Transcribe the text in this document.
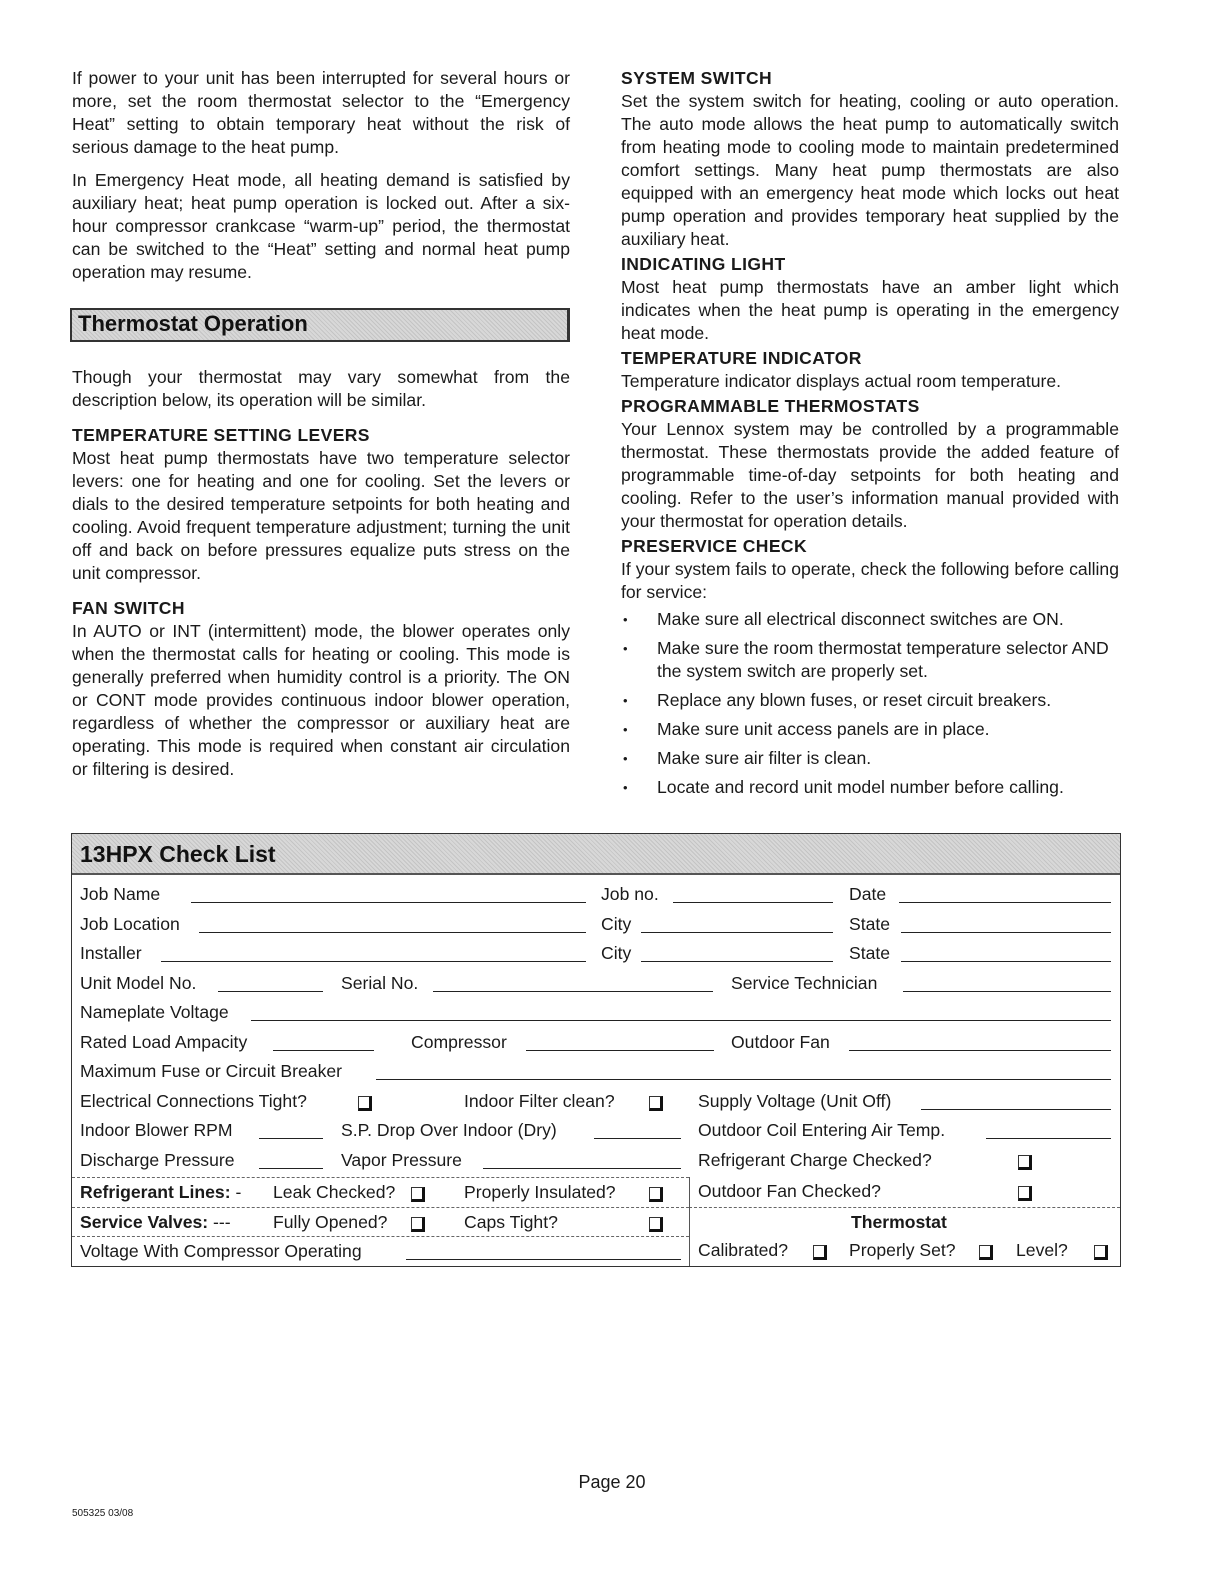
If power to your unit has been interrupted for several hours or more, set the room thermostat selector to the “Emergency Heat” setting to obtain temporary heat without the risk of serious damage to the heat pump.

In Emergency Heat mode, all heating demand is satisfied by auxiliary heat; heat pump operation is locked out. After a six-hour compressor crankcase “warm-up” period, the thermostat can be switched to the “Heat” setting and normal heat pump operation may resume.

Thermostat Operation

Though your thermostat may vary somewhat from the description below, its operation will be similar.

TEMPERATURE SETTING LEVERS

Most heat pump thermostats have two temperature selector levers: one for heating and one for cooling. Set the levers or dials to the desired temperature setpoints for both heating and cooling. Avoid frequent temperature adjustment; turning the unit off and back on before pressures equalize puts stress on the unit compressor.

FAN SWITCH

In AUTO or INT (intermittent) mode, the blower operates only when the thermostat calls for heating or cooling. This mode is generally preferred when humidity control is a priority. The ON or CONT mode provides continuous indoor blower operation, regardless of whether the compressor or auxiliary heat are operating. This mode is required when constant air circulation or filtering is desired.

SYSTEM SWITCH

Set the system switch for heating, cooling or auto operation. The auto mode allows the heat pump to automatically switch from heating mode to cooling mode to maintain predetermined comfort settings. Many heat pump thermostats are also equipped with an emergency heat mode which locks out heat pump operation and provides temporary heat supplied by the auxiliary heat.

INDICATING LIGHT

Most heat pump thermostats have an amber light which indicates when the heat pump is operating in the emergency heat mode.

TEMPERATURE INDICATOR

Temperature indicator displays actual room temperature.

PROGRAMMABLE THERMOSTATS

Your Lennox system may be controlled by a programmable thermostat. These thermostats provide the added feature of programmable time-of-day setpoints for both heating and cooling. Refer to the user’s information manual provided with your thermostat for operation details.

PRESERVICE CHECK

If your system fails to operate, check the following before calling for service:

• Make sure all electrical disconnect switches are ON.
• Make sure the room thermostat temperature selector AND the system switch are properly set.
• Replace any blown fuses, or reset circuit breakers.
• Make sure unit access panels are in place.
• Make sure air filter is clean.
• Locate and record unit model number before calling.
13HPX Check List
Job Name	Job no.	Date
Job Location	City	State
Installer	City	State
Unit Model No.	Serial No.	Service Technician
Nameplate Voltage
Rated Load Ampacity	Compressor	Outdoor Fan
Maximum Fuse or Circuit Breaker
Electrical Connections Tight?	Indoor Filter clean?	Supply Voltage (Unit Off)
Indoor Blower RPM	S.P. Drop Over Indoor (Dry)	Outdoor Coil Entering Air Temp.
Discharge Pressure	Vapor Pressure	Refrigerant Charge Checked?
Refrigerant Lines: - Leak Checked?	Properly Insulated?	Outdoor Fan Checked?
Service Valves: --- Fully Opened?	Caps Tight?	Thermostat
Voltage With Compressor Operating	Calibrated?	Properly Set?	Level?
Page 20
505325 03/08
